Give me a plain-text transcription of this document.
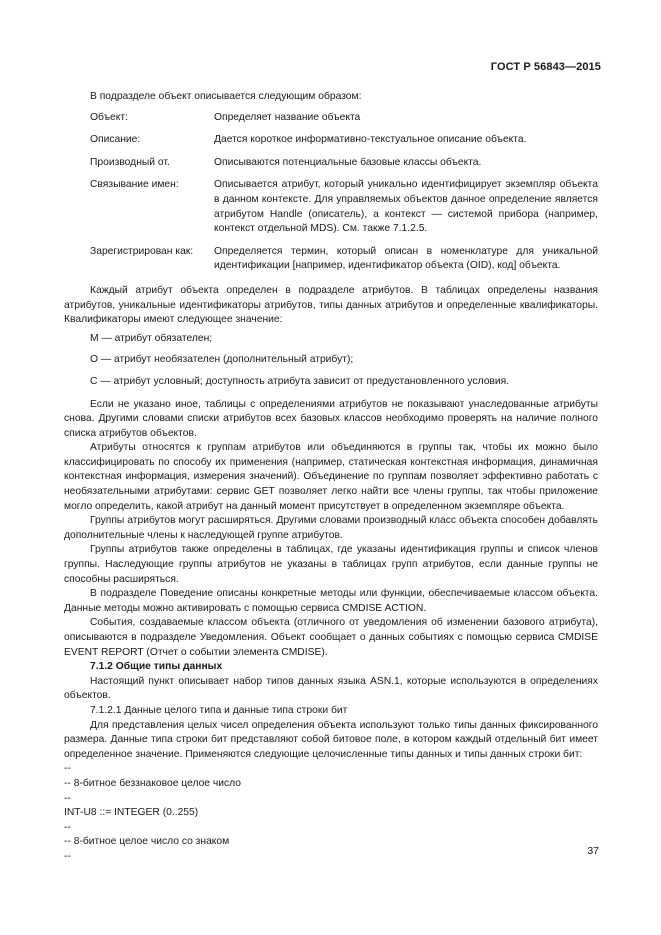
ГОСТ Р 56843—2015

В подразделе объект описывается следующим образом:

Объект:	Определяет название объекта
Описание:	Дается короткое информативно-текстуальное описание объекта.
Производный от.	Описываются потенциальные базовые классы объекта.
Связывание имен:	Описывается атрибут, который уникально идентифицирует экземпляр объекта в данном контексте. Для управляемых объектов данное определение является атрибутом Handle (описатель), а контекст — системой прибора (например, контекст отдельной MDS). См. также 7.1.2.5.
Зарегистрирован как:	Определяется термин, который описан в номенклатуре для уникальной идентификации [например, идентификатор объекта (OID), код] объекта.

Каждый атрибут объекта определен в подразделе атрибутов. В таблицах определены названия атрибутов, уникальные идентификаторы атрибутов, типы данных атрибутов и определенные квалификаторы. Квалификаторы имеют следующее значение:

М — атрибут обязателен;
О — атрибут необязателен (дополнительный атрибут);
С — атрибут условный; доступность атрибута зависит от предустановленного условия.

Если не указано иное, таблицы с определениями атрибутов не показывают унаследованные атрибуты снова. Другими словами списки атрибутов всех базовых классов необходимо проверять на наличие полного списка атрибутов объектов.

Атрибуты относятся к группам атрибутов или объединяются в группы так, чтобы их можно было классифицировать по способу их применения (например, статическая контекстная информация, динамичная контекстная информация, измерения значений). Объединение по группам позволяет эффективно работать с необязательными атрибутами: сервис GET позволяет легко найти все члены группы, так чтобы приложение могло определить, какой атрибут на данный момент присутствует в определенном экземпляре объекта.

Группы атрибутов могут расширяться. Другими словами производный класс объекта способен добавлять дополнительные члены к наследующей группе атрибутов.

Группы атрибутов также определены в таблицах, где указаны идентификация группы и список членов группы. Наследующие группы атрибутов не указаны в таблицах групп атрибутов, если данные группы не способны расширяться.

В подразделе Поведение описаны конкретные методы или функции, обеспечиваемые классом объекта. Данные методы можно активировать с помощью сервиса CMDISE ACTION.

События, создаваемые классом объекта (отличного от уведомления об изменении базового атрибута), описываются в подразделе Уведомления. Объект сообщает о данных событиях с помощью сервиса CMDISE EVENT REPORT (Отчет о событии элемента CMDISE).

7.1.2 Общие типы данных

Настоящий пункт описывает набор типов данных языка ASN.1, которые используются в определениях объектов.

7.1.2.1 Данные целого типа и данные типа строки бит

Для представления целых чисел определения объекта используют только типы данных фиксированного размера. Данные типа строки бит представляют собой битовое поле, в котором каждый отдельный бит имеет определенное значение. Применяются следующие целочисленные типы данных и типы данных строки бит:

--

-- 8-битное беззнаковое целое число

--

INT-U8 ::= INTEGER (0..255)

--

-- 8-битное целое число со знаком

--	37
